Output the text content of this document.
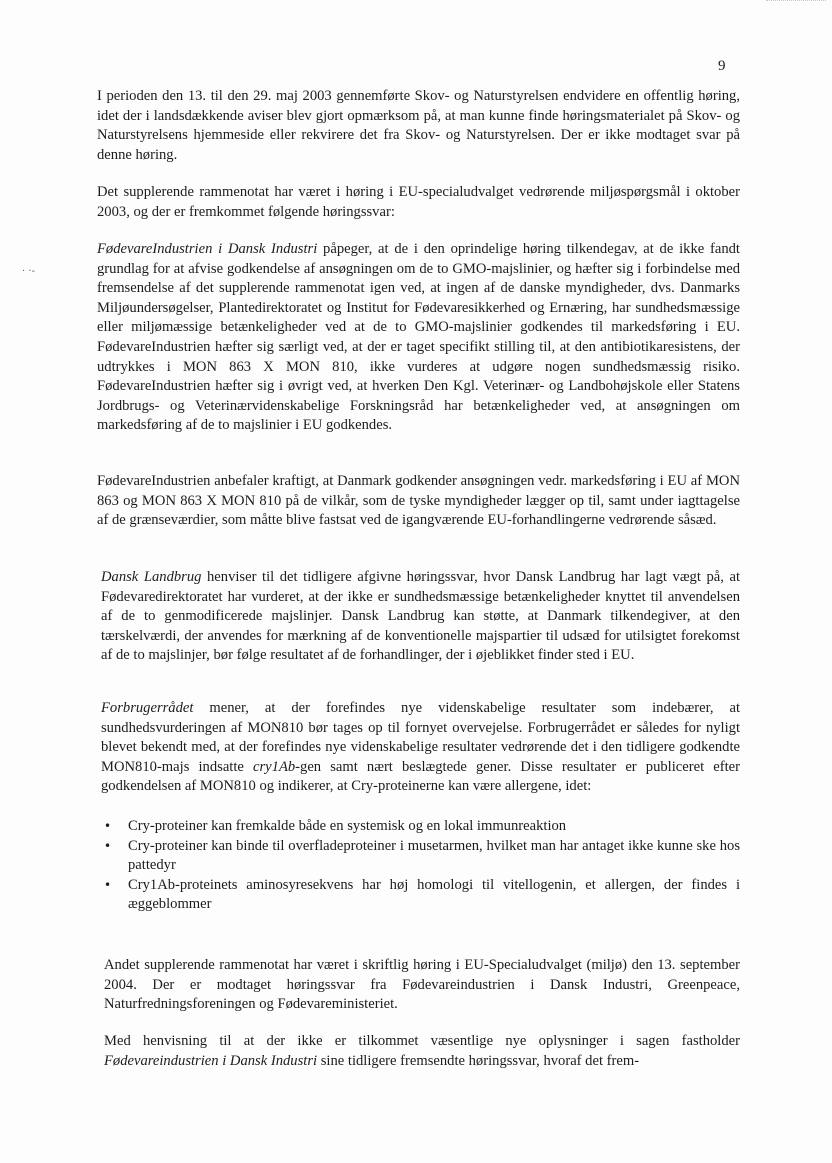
9
· ·-

I perioden den 13. til den 29. maj 2003 gennemførte Skov- og Naturstyrelsen endvidere en offentlig høring, idet der i landsdækkende aviser blev gjort opmærksom på, at man kunne finde høringsmaterialet på Skov- og Naturstyrelsens hjemmeside eller rekvirere det fra Skov- og Naturstyrelsen. Der er ikke modtaget svar på denne høring.

Det supplerende rammenotat har været i høring i EU-specialudvalget vedrørende miljøspørgsmål i oktober 2003, og der er fremkommet følgende høringssvar:

FødevareIndustrien i Dansk Industri påpeger, at de i den oprindelige høring tilkendegav, at de ikke fandt grundlag for at afvise godkendelse af ansøgningen om de to GMO-majslinier, og hæfter sig i forbindelse med fremsendelse af det supplerende rammenotat igen ved, at ingen af de danske myndigheder, dvs. Danmarks Miljøundersøgelser, Plantedirektoratet og Institut for Fødevaresikkerhed og Ernæring, har sundhedsmæssige eller miljømæssige betænkeligheder ved at de to GMO-majslinier godkendes til markedsføring i EU. FødevareIndustrien hæfter sig særligt ved, at der er taget specifikt stilling til, at den antibiotikaresistens, der udtrykkes i MON 863 X MON 810, ikke vurderes at udgøre nogen sundhedsmæssig risiko. FødevareIndustrien hæfter sig i øvrigt ved, at hverken Den Kgl. Veterinær- og Landbohøjskole eller Statens Jordbrugs- og Veterinærvidenskabelige Forskningsråd har betænkeligheder ved, at ansøgningen om markedsføring af de to majslinier i EU godkendes.

FødevareIndustrien anbefaler kraftigt, at Danmark godkender ansøgningen vedr. markedsføring i EU af MON 863 og MON 863 X MON 810 på de vilkår, som de tyske myndigheder lægger op til, samt under iagttagelse af de grænseværdier, som måtte blive fastsat ved de igangværende EU-forhandlingerne vedrørende såsæd.

Dansk Landbrug henviser til det tidligere afgivne høringssvar, hvor Dansk Landbrug har lagt vægt på, at Fødevaredirektoratet har vurderet, at der ikke er sundhedsmæssige betænkeligheder knyttet til anvendelsen af de to genmodificerede majslinjer. Dansk Landbrug kan støtte, at Danmark tilkendegiver, at den tærskelværdi, der anvendes for mærkning af de konventionelle majspartier til udsæd for utilsigtet forekomst af de to majslinjer, bør følge resultatet af de forhandlinger, der i øjeblikket finder sted i EU.

Forbrugerrådet mener, at der forefindes nye videnskabelige resultater som indebærer, at sundhedsvurderingen af MON810 bør tages op til fornyet overvejelse. Forbrugerrådet er således for nyligt blevet bekendt med, at der forefindes nye videnskabelige resultater vedrørende det i den tidligere godkendte MON810-majs indsatte cry1Ab-gen samt nært beslægtede gener. Disse resultater er publiceret efter godkendelsen af MON810 og indikerer, at Cry-proteinerne kan være allergene, idet:

• Cry-proteiner kan fremkalde både en systemisk og en lokal immunreaktion
• Cry-proteiner kan binde til overfladeproteiner i musetarmen, hvilket man har antaget ikke kunne ske hos pattedyr
• Cry1Ab-proteinets aminosyresekvens har høj homologi til vitellogenin, et allergen, der findes i æggeblommer

Andet supplerende rammenotat har været i skriftlig høring i EU-Specialudvalget (miljø) den 13. september 2004. Der er modtaget høringssvar fra Fødevareindustrien i Dansk Industri, Greenpeace, Naturfredningsforeningen og Fødevareministeriet.

Med henvisning til at der ikke er tilkommet væsentlige nye oplysninger i sagen fastholder Fødevareindustrien i Dansk Industri sine tidligere fremsendte høringssvar, hvoraf det frem-
